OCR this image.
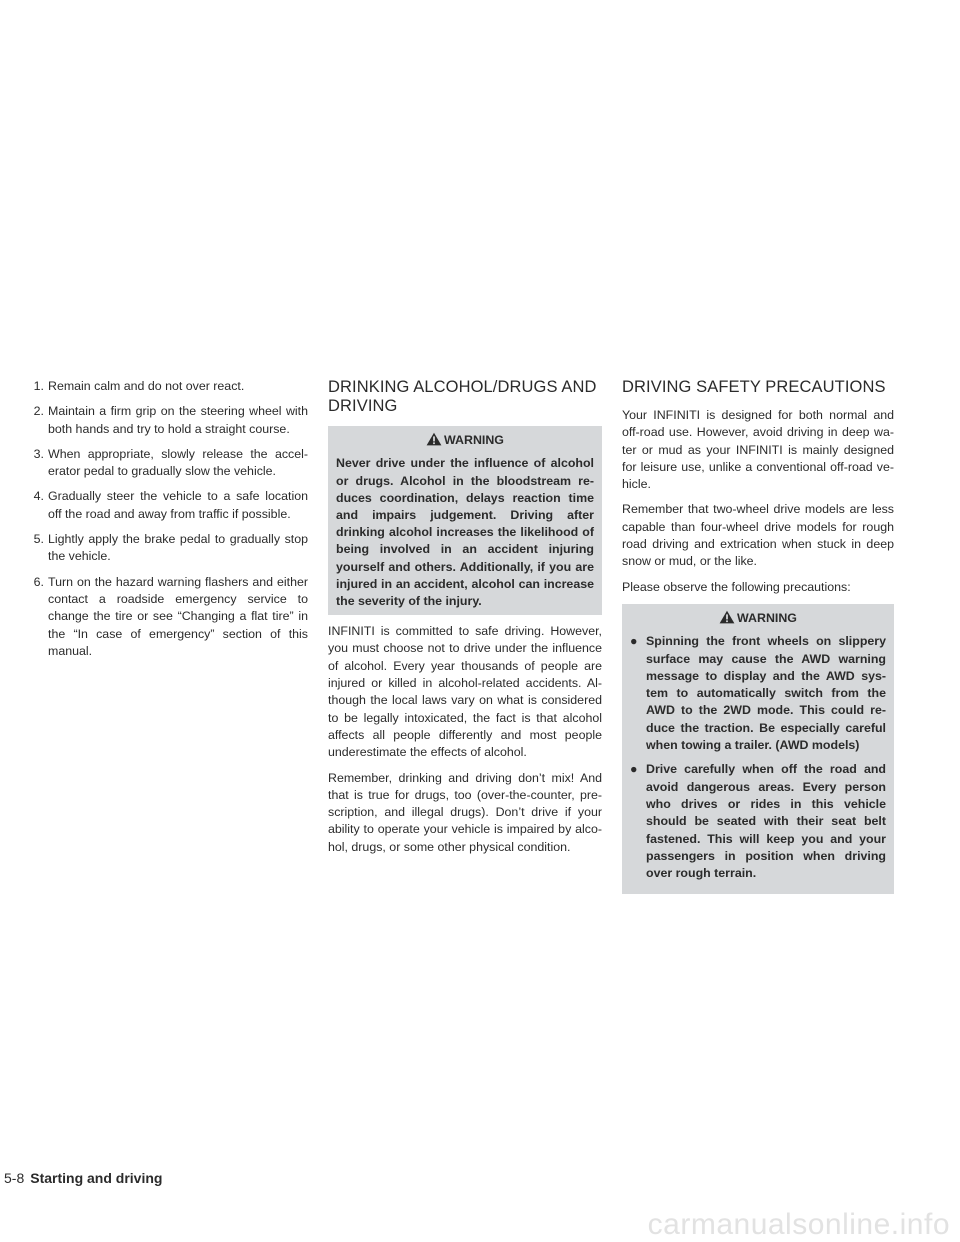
1. Remain calm and do not over react.
2. Maintain a firm grip on the steering wheel with both hands and try to hold a straight course.
3. When appropriate, slowly release the accel-erator pedal to gradually slow the vehicle.
4. Gradually steer the vehicle to a safe location off the road and away from traffic if possible.
5. Lightly apply the brake pedal to gradually stop the vehicle.
6. Turn on the hazard warning flashers and either contact a roadside emergency service to change the tire or see “Changing a flat tire” in the “In case of emergency” section of this manual.
DRINKING ALCOHOL/DRUGS AND DRIVING
WARNING

Never drive under the influence of alcohol or drugs. Alcohol in the bloodstream re-duces coordination, delays reaction time and impairs judgement. Driving after drinking alcohol increases the likelihood of being involved in an accident injuring yourself and others. Additionally, if you are injured in an accident, alcohol can increase the severity of the injury.

INFINITI is committed to safe driving. However, you must choose not to drive under the influence of alcohol. Every year thousands of people are injured or killed in alcohol-related accidents. Al-though the local laws vary on what is considered to be legally intoxicated, the fact is that alcohol affects all people differently and most people underestimate the effects of alcohol.

Remember, drinking and driving don’t mix! And that is true for drugs, too (over-the-counter, pre-scription, and illegal drugs). Don’t drive if your ability to operate your vehicle is impaired by alco-hol, drugs, or some other physical condition.

DRIVING SAFETY PRECAUTIONS

Your INFINITI is designed for both normal and off-road use. However, avoid driving in deep wa-ter or mud as your INFINITI is mainly designed for leisure use, unlike a conventional off-road ve-hicle.

Remember that two-wheel drive models are less capable than four-wheel drive models for rough road driving and extrication when stuck in deep snow or mud, or the like.

Please observe the following precautions:

WARNING
● Spinning the front wheels on slippery surface may cause the AWD warning message to display and the AWD sys-tem to automatically switch from the AWD to the 2WD mode. This could re-duce the traction. Be especially careful when towing a trailer. (AWD models)
● Drive carefully when off the road and avoid dangerous areas. Every person who drives or rides in this vehicle should be seated with their seat belt fastened. This will keep you and your passengers in position when driving over rough terrain.
5-8 Starting and driving
carmanualsonline.info
